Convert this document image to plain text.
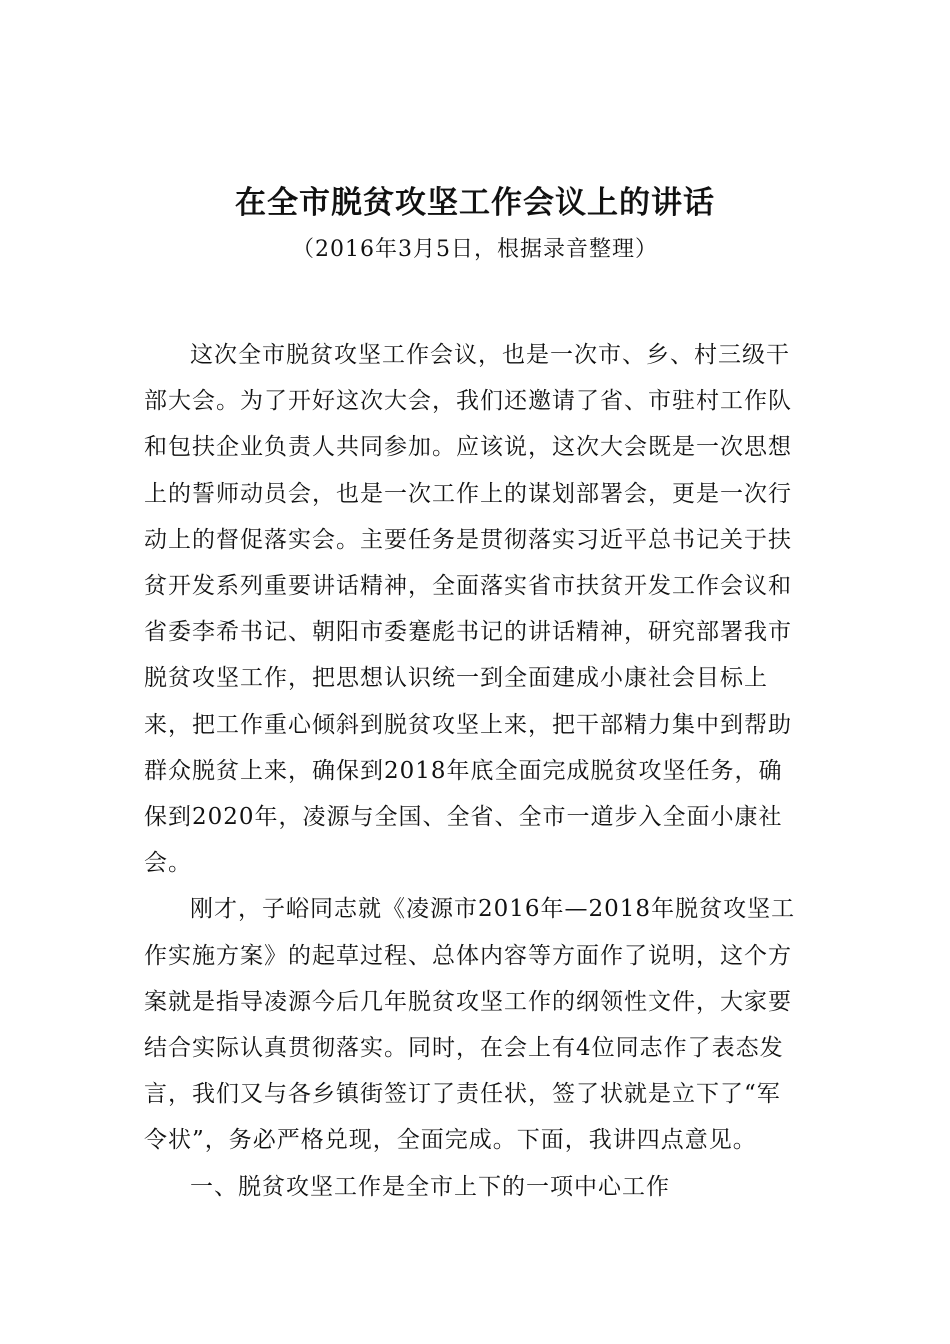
在全市脱贫攻坚工作会议上的讲话
（2016年3月5日，根据录音整理）

这次全市脱贫攻坚工作会议，也是一次市、乡、村三级干部大会。为了开好这次大会，我们还邀请了省、市驻村工作队和包扶企业负责人共同参加。应该说，这次大会既是一次思想上的誓师动员会，也是一次工作上的谋划部署会，更是一次行动上的督促落实会。主要任务是贯彻落实习近平总书记关于扶贫开发系列重要讲话精神，全面落实省市扶贫开发工作会议和省委李希书记、朝阳市委蹇彪书记的讲话精神，研究部署我市脱贫攻坚工作，把思想认识统一到全面建成小康社会目标上来，把工作重心倾斜到脱贫攻坚上来，把干部精力集中到帮助群众脱贫上来，确保到2018年底全面完成脱贫攻坚任务，确保到2020年，凌源与全国、全省、全市一道步入全面小康社会。

刚才，子峪同志就《凌源市2016年—2018年脱贫攻坚工作实施方案》的起草过程、总体内容等方面作了说明，这个方案就是指导凌源今后几年脱贫攻坚工作的纲领性文件，大家要结合实际认真贯彻落实。同时，在会上有4位同志作了表态发言，我们又与各乡镇街签订了责任状，签了状就是立下了“军令状”，务必严格兑现，全面完成。下面，我讲四点意见。

一、脱贫攻坚工作是全市上下的一项中心工作
